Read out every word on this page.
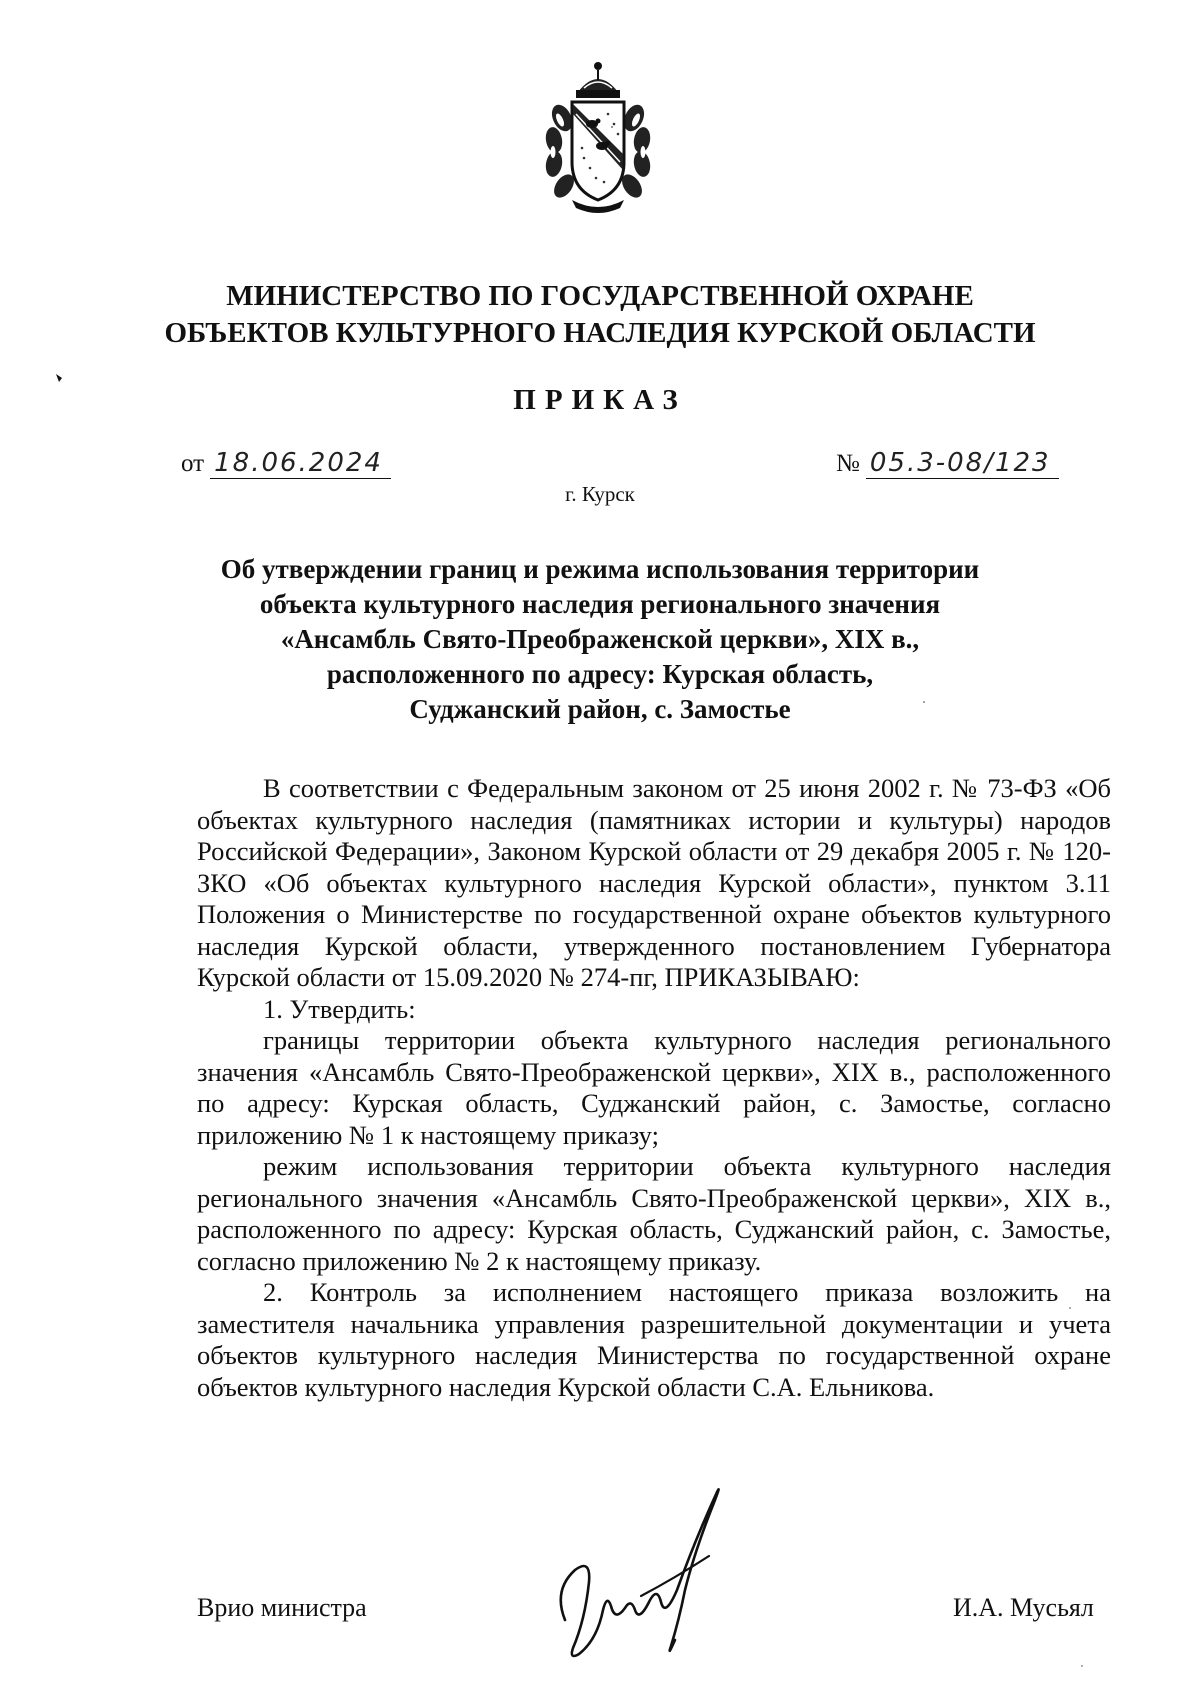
МИНИСТЕРСТВО ПО ГОСУДАРСТВЕННОЙ ОХРАНЕ
ОБЪЕКТОВ КУЛЬТУРНОГО НАСЛЕДИЯ КУРСКОЙ ОБЛАСТИ
ПРИКАЗ
от 18.06.2024	№ 05.3-08/123
г. Курск
Об утверждении границ и режима использования территории
объекта культурного наследия регионального значения
«Ансамбль Свято-Преображенской церкви», XIX в.,
расположенного по адресу: Курская область,
Суджанский район, с. Замостье

В соответствии с Федеральным законом от 25 июня 2002 г. № 73-ФЗ «Об объектах культурного наследия (памятниках истории и культуры) народов Российской Федерации», Законом Курской области от 29 декабря 2005 г. № 120-ЗКО «Об объектах культурного наследия Курской области», пунктом 3.11 Положения о Министерстве по государственной охране объектов культурного наследия Курской области, утвержденного постановлением Губернатора Курской области от 15.09.2020 № 274-пг, ПРИКАЗЫВАЮ:

1. Утвердить:

границы территории объекта культурного наследия регионального значения «Ансамбль Свято-Преображенской церкви», XIX в., расположенного по адресу: Курская область, Суджанский район, с. Замостье, согласно приложению № 1 к настоящему приказу;

режим использования территории объекта культурного наследия регионального значения «Ансамбль Свято-Преображенской церкви», XIX в., расположенного по адресу: Курская область, Суджанский район, с. Замостье, согласно приложению № 2 к настоящему приказу.

2. Контроль за исполнением настоящего приказа возложить на заместителя начальника управления разрешительной документации и учета объектов культурного наследия Министерства по государственной охране объектов культурного наследия Курской области С.А. Ельникова.

Врио министра	И.А. Мусьял
